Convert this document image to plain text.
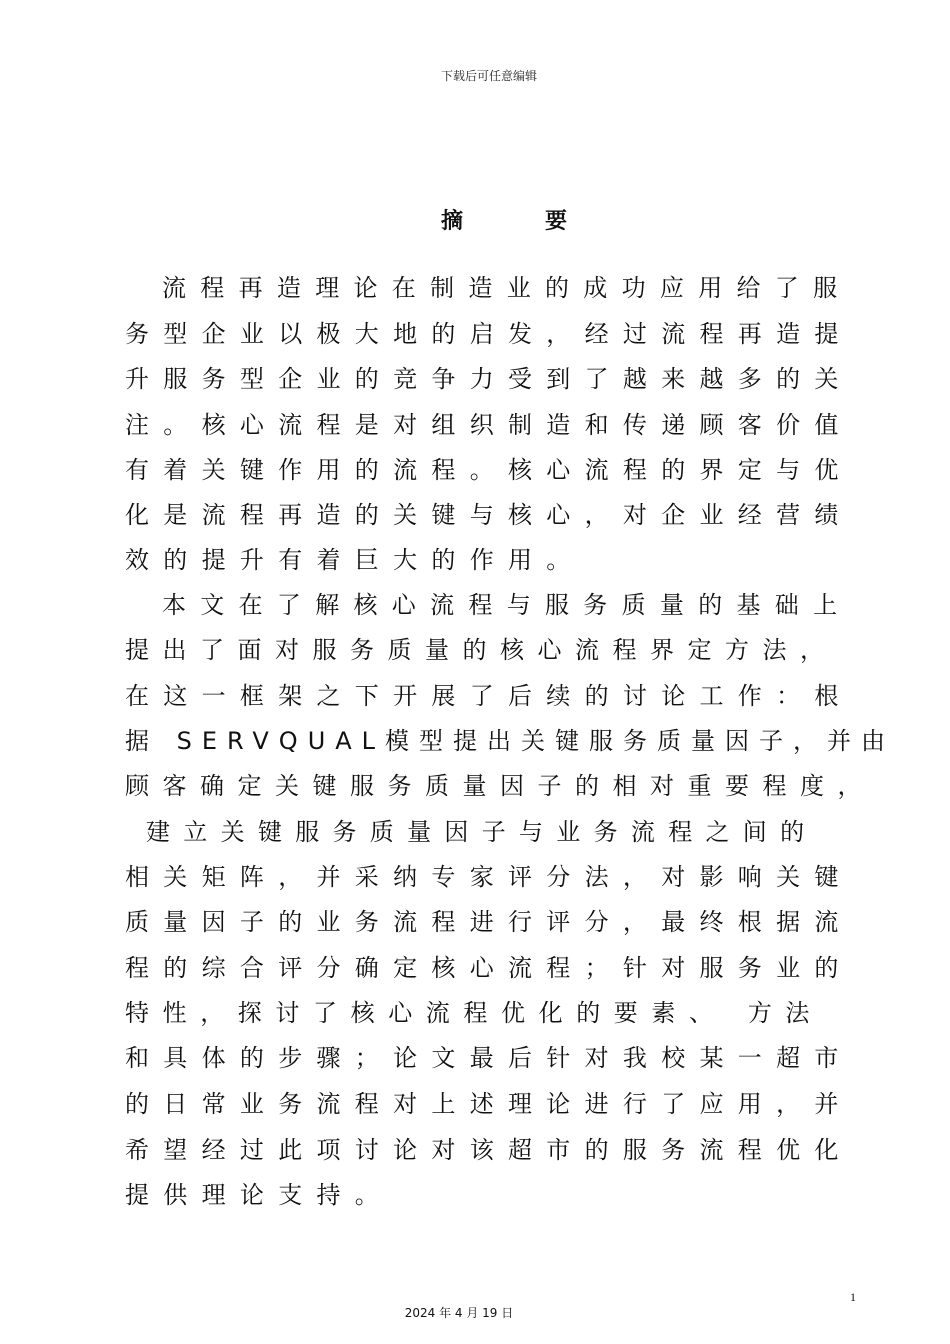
下载后可任意编辑
摘	要
流程再造理论在制造业的成功应用给了服
务型企业以极大地的启发，经过流程再造提
升服务型企业的竞争力受到了越来越多的关
注。核心流程是对组织制造和传递顾客价值
有着关键作用的流程。核心流程的界定与优
化是流程再造的关键与核心，对企业经营绩
效的提升有着巨大的作用。
本文在了解核心流程与服务质量的基础上
提出了面对服务质量的核心流程界定方法，
在这一框架之下开展了后续的讨论工作：根
据 SERVQUAL模型提出关键服务质量因子，并由
顾客确定关键服务质量因子的相对重要程度，
建立关键服务质量因子与业务流程之间的
相关矩阵，并采纳专家评分法，对影响关键
质量因子的业务流程进行评分，最终根据流
程的综合评分确定核心流程；针对服务业的
特性，探讨了核心流程优化的要素、 方法
和具体的步骤；论文最后针对我校某一超市
的日常业务流程对上述理论进行了应用，并
希望经过此项讨论对该超市的服务流程优化
提供理论支持。
1
2024 年 4 月 19 日
